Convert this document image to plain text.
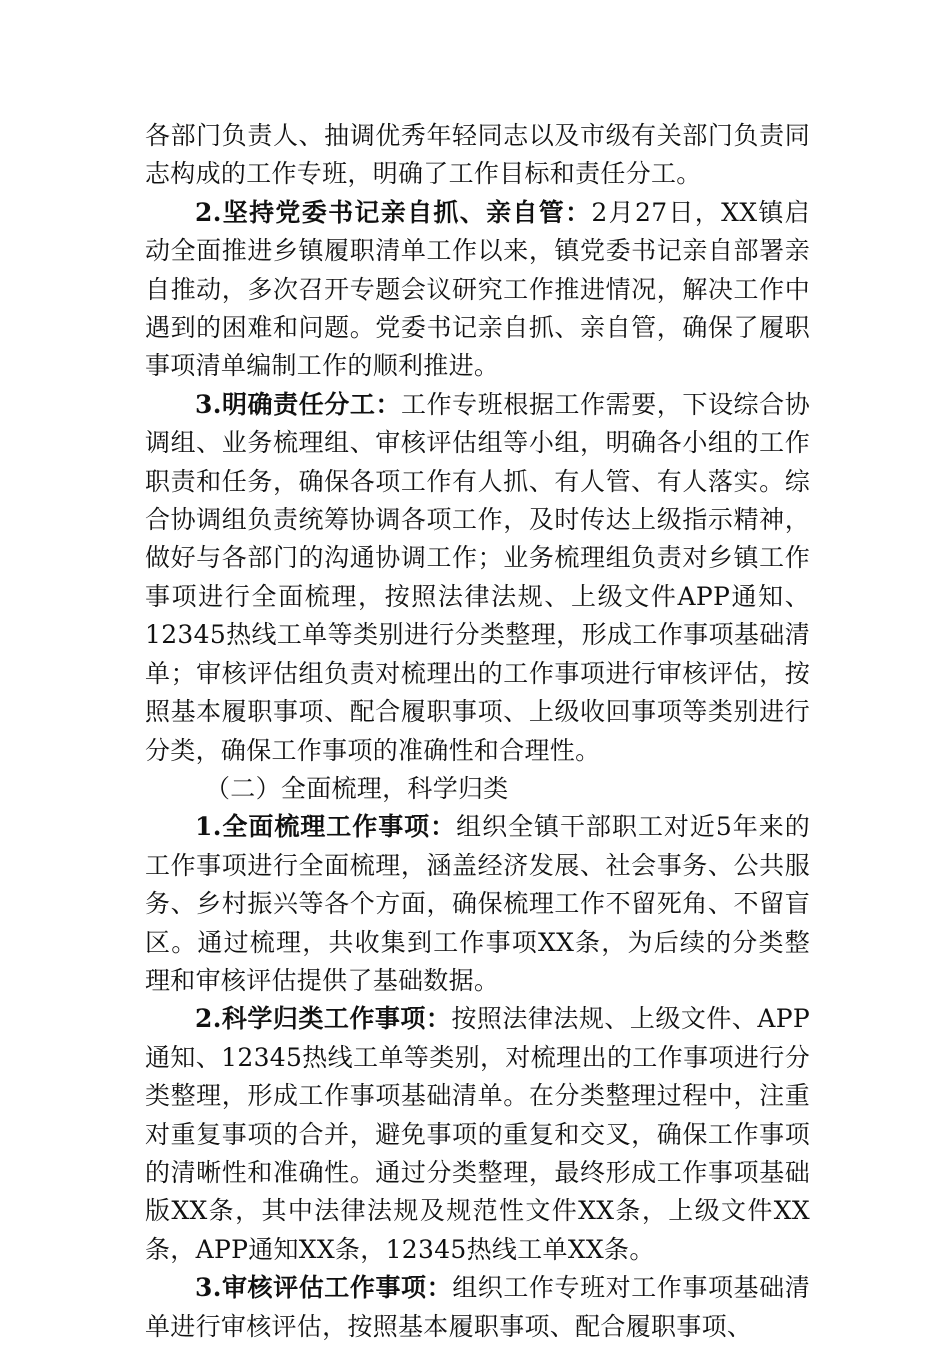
各部门负责人、抽调优秀年轻同志以及市级有关部门负责同志构成的工作专班，明确了工作目标和责任分工。

2.坚持党委书记亲自抓、亲自管：2月27日，XX镇启动全面推进乡镇履职清单工作以来，镇党委书记亲自部署亲自推动，多次召开专题会议研究工作推进情况，解决工作中遇到的困难和问题。党委书记亲自抓、亲自管，确保了履职事项清单编制工作的顺利推进。

3.明确责任分工：工作专班根据工作需要，下设综合协调组、业务梳理组、审核评估组等小组，明确各小组的工作职责和任务，确保各项工作有人抓、有人管、有人落实。综合协调组负责统筹协调各项工作，及时传达上级指示精神，做好与各部门的沟通协调工作；业务梳理组负责对乡镇工作事项进行全面梳理，按照法律法规、上级文件APP通知、12345热线工单等类别进行分类整理，形成工作事项基础清单；审核评估组负责对梳理出的工作事项进行审核评估，按照基本履职事项、配合履职事项、上级收回事项等类别进行分类，确保工作事项的准确性和合理性。

（二）全面梳理，科学归类

1.全面梳理工作事项：组织全镇干部职工对近5年来的工作事项进行全面梳理，涵盖经济发展、社会事务、公共服务、乡村振兴等各个方面，确保梳理工作不留死角、不留盲区。通过梳理，共收集到工作事项XX条，为后续的分类整理和审核评估提供了基础数据。

2.科学归类工作事项：按照法律法规、上级文件、APP通知、12345热线工单等类别，对梳理出的工作事项进行分类整理，形成工作事项基础清单。在分类整理过程中，注重对重复事项的合并，避免事项的重复和交叉，确保工作事项的清晰性和准确性。通过分类整理，最终形成工作事项基础版XX条，其中法律法规及规范性文件XX条，上级文件XX条，APP通知XX条，12345热线工单XX条。

3.审核评估工作事项：组织工作专班对工作事项基础清单进行审核评估，按照基本履职事项、配合履职事项、
